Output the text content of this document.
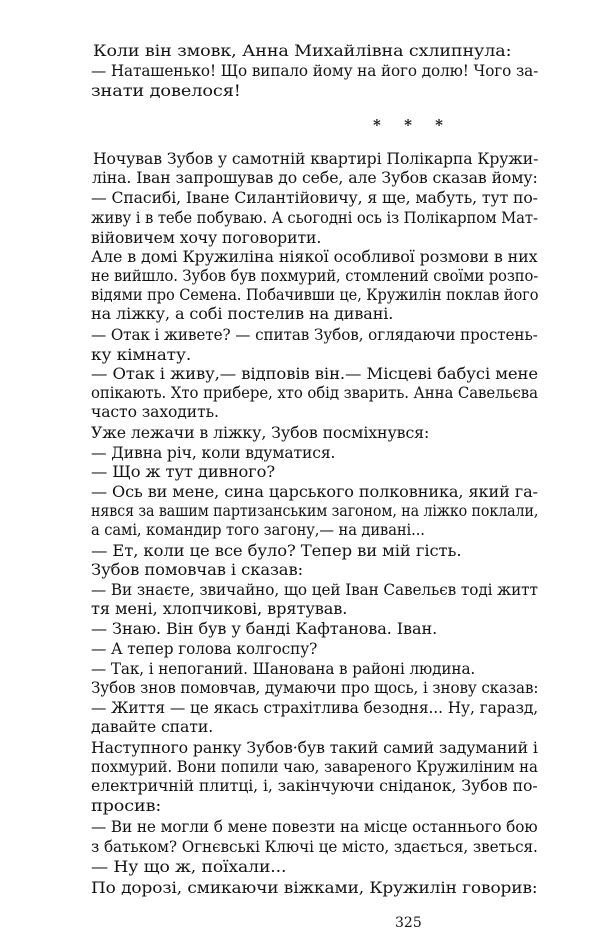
Коли він змовк, Анна Михайлівна схлипнула:
— Наташенько! Що випало йому на його долю! Чого за-
знати довелося!
* * *
Ночував Зубов у самотній квартирі Полікарпа Кружи-
ліна. Іван запрошував до себе, але Зубов сказав йому:
— Спасибі, Іване Силантійовичу, я ще, мабуть, тут по-
живу і в тебе побуваю. А сьогодні ось із Полікарпом Мат-
війовичем хочу поговорити.
Але в домі Кружиліна ніякої особливої розмови в них
не вийшло. Зубов був похмурий, стомлений своїми розпо-
відями про Семена. Побачивши це, Кружилін поклав його
на ліжку, а собі постелив на дивані.
— Отак і живете? — спитав Зубов, оглядаючи простень-
ку кімнату.
— Отак і живу,— відповів він.— Місцеві бабусі мене
опікають. Хто прибере, хто обід зварить. Анна Савельєва
часто заходить.
Уже лежачи в ліжку, Зубов посміхнувся:
— Дивна річ, коли вдуматися.
— Що ж тут дивного?
— Ось ви мене, сина царського полковника, який га-
нявся за вашим партизанським загоном, на ліжко поклали,
а самі, командир того загону,— на дивані...
— Ет, коли це все було? Тепер ви мій гість.
Зубов помовчав і сказав:
— Ви знаєте, звичайно, що цей Іван Савельєв тоді житт
тя мені, хлопчикові, врятував.
— Знаю. Він був у банді Кафтанова. Іван.
— А тепер голова колгоспу?
— Так, і непоганий. Шанована в районі людина.
Зубов знов помовчав, думаючи про щось, і знову сказав:
— Життя — це якась страхітлива безодня... Ну, гаразд,
давайте спати.
Наступного ранку Зубов·був такий самий задуманий і
похмурий. Вони попили чаю, завареного Кружиліним на
електричній плитці, і, закінчуючи сніданок, Зубов по-
просив:
— Ви не могли б мене повезти на місце останнього бою
з батьком? Огнєвські Ключі це місто, здається, зветься.
— Ну що ж, поїхали...
По дорозі, смикаючи віжками, Кружилін говорив:
325
